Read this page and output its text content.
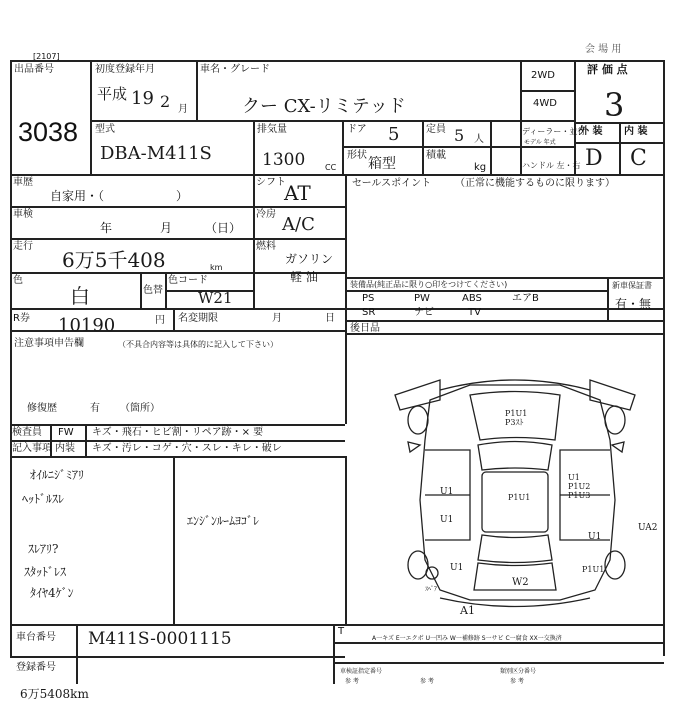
[2107]
会 場 用
出品番号
3038
初度登録年月
平成 19 2 月
車名・グレード
クー CX-リミテッド
2WD
4WD
評 価 点
3
型式
DBA-M411S
排気量
1300 CC
ドア 5	定員 5 人
形状
箱型
積載
kg
ディーラー・並行
モデル 年式
ハンドル 左・右
外 装 内 装
D C
車歴
自家用・（　　　　　　）
シフト
AT
車検
年	月	（日）
冷房 A/C
走行
6万5千408	km
燃料
ガソリン
軽 油
色
白	色替
色コード
W21
R券 10190	円 名変期限	月	日
セールスポイント （正常に機能するものに限ります）
装備品(純正品に限り○印をつけてください)
PS	PW	ABS	エアB
SR	ナビ	TV
新車保証書
有・無
後日品
注意事項申告欄	（不具合内容等は具体的に記入して下さい）
修復歴	有 （箇所）
検査員
記入事項
FW
内装
キズ・飛石・ヒビ割・リペア跡・× 要
キズ・汚レ・コゲ・穴・スレ・キレ・破レ
ｵｲﾙﾆｼﾞﾐｱﾘ
ﾍｯﾄﾞﾙｽﾚ
ｽﾚｱﾘ?
ｽﾀｯﾄﾞﾚｽ
ﾀｲﾔ4ｹﾞﾝ
ｴﾝｼﾞﾝﾙｰﾑﾖｺﾞﾚ
P1U1 P3ｽﾄ
P1U1
U1
U1
U1 P1U2 P1U3
U1
UA2
U1	P1U1
W2
ｽﾍﾟｱ
A1
車台番号 M411S-0001115	T
A一キズ E一エクボ U一凹み W一補修跡 S一サビ C一腐食 XX一交換済
登録番号	車検証指定番号
参 考	参 考
類別区分番号
参 考
6万5408km
